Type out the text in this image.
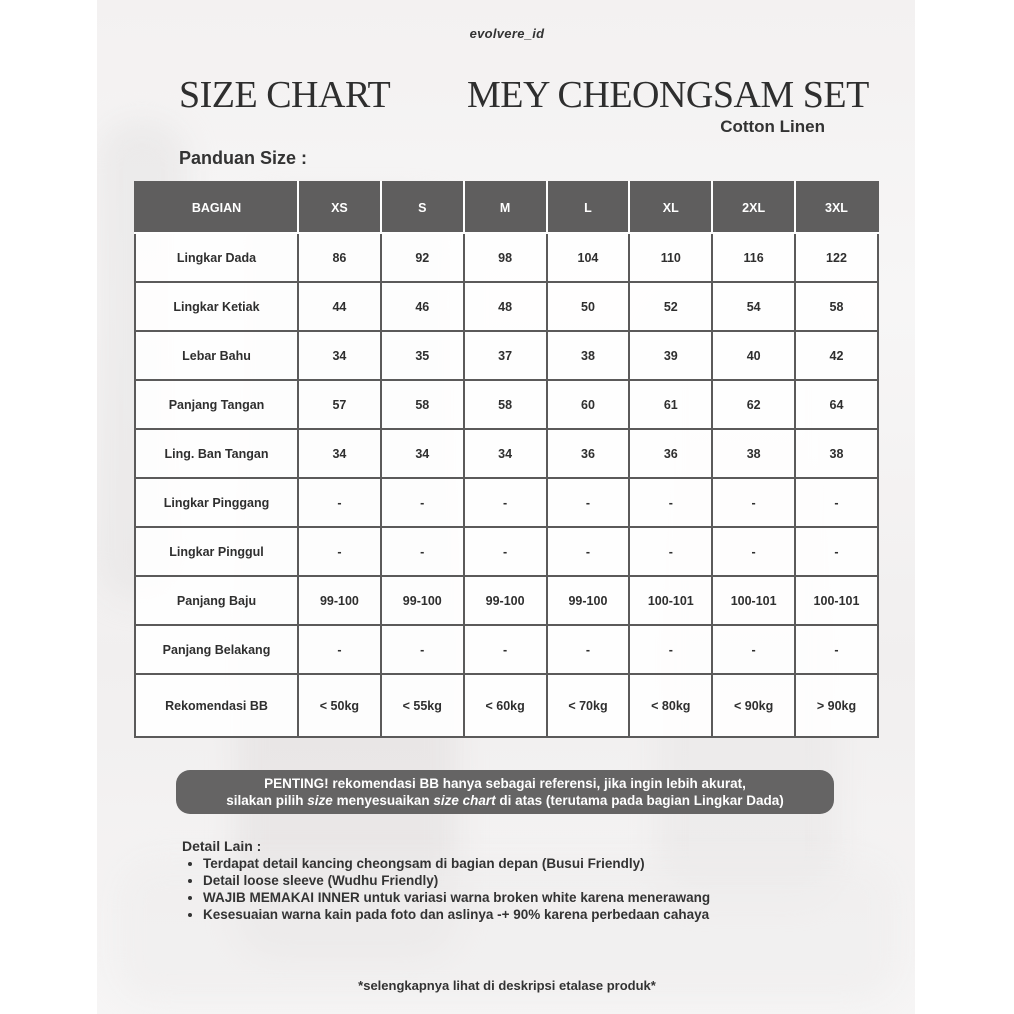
evolvere_id
SIZE CHART MEY CHEONGSAM SET
Cotton Linen
Panduan Size :
BAGIAN	XS	S	M	L	XL	2XL	3XL
Lingkar Dada	86	92	98	104	110	116	122
Lingkar Ketiak	44	46	48	50	52	54	58
Lebar Bahu	34	35	37	38	39	40	42
Panjang Tangan	57	58	58	60	61	62	64
Ling. Ban Tangan	34	34	34	36	36	38	38
Lingkar Pinggang	-	-	-	-	-	-	-
Lingkar Pinggul	-	-	-	-	-	-	-
Panjang Baju	99-100	99-100	99-100	99-100	100-101	100-101	100-101
Panjang Belakang	-	-	-	-	-	-	-
Rekomendasi BB	< 50kg	< 55kg	< 60kg	< 70kg	< 80kg	< 90kg	> 90kg
PENTING! rekomendasi BB hanya sebagai referensi, jika ingin lebih akurat,
silakan pilih size menyesuaikan size chart di atas (terutama pada bagian Lingkar Dada)
Detail Lain :
• Terdapat detail kancing cheongsam di bagian depan (Busui Friendly)
• Detail loose sleeve (Wudhu Friendly)
• WAJIB MEMAKAI INNER untuk variasi warna broken white karena menerawang
• Kesesuaian warna kain pada foto dan aslinya -+ 90% karena perbedaan cahaya
*selengkapnya lihat di deskripsi etalase produk*
